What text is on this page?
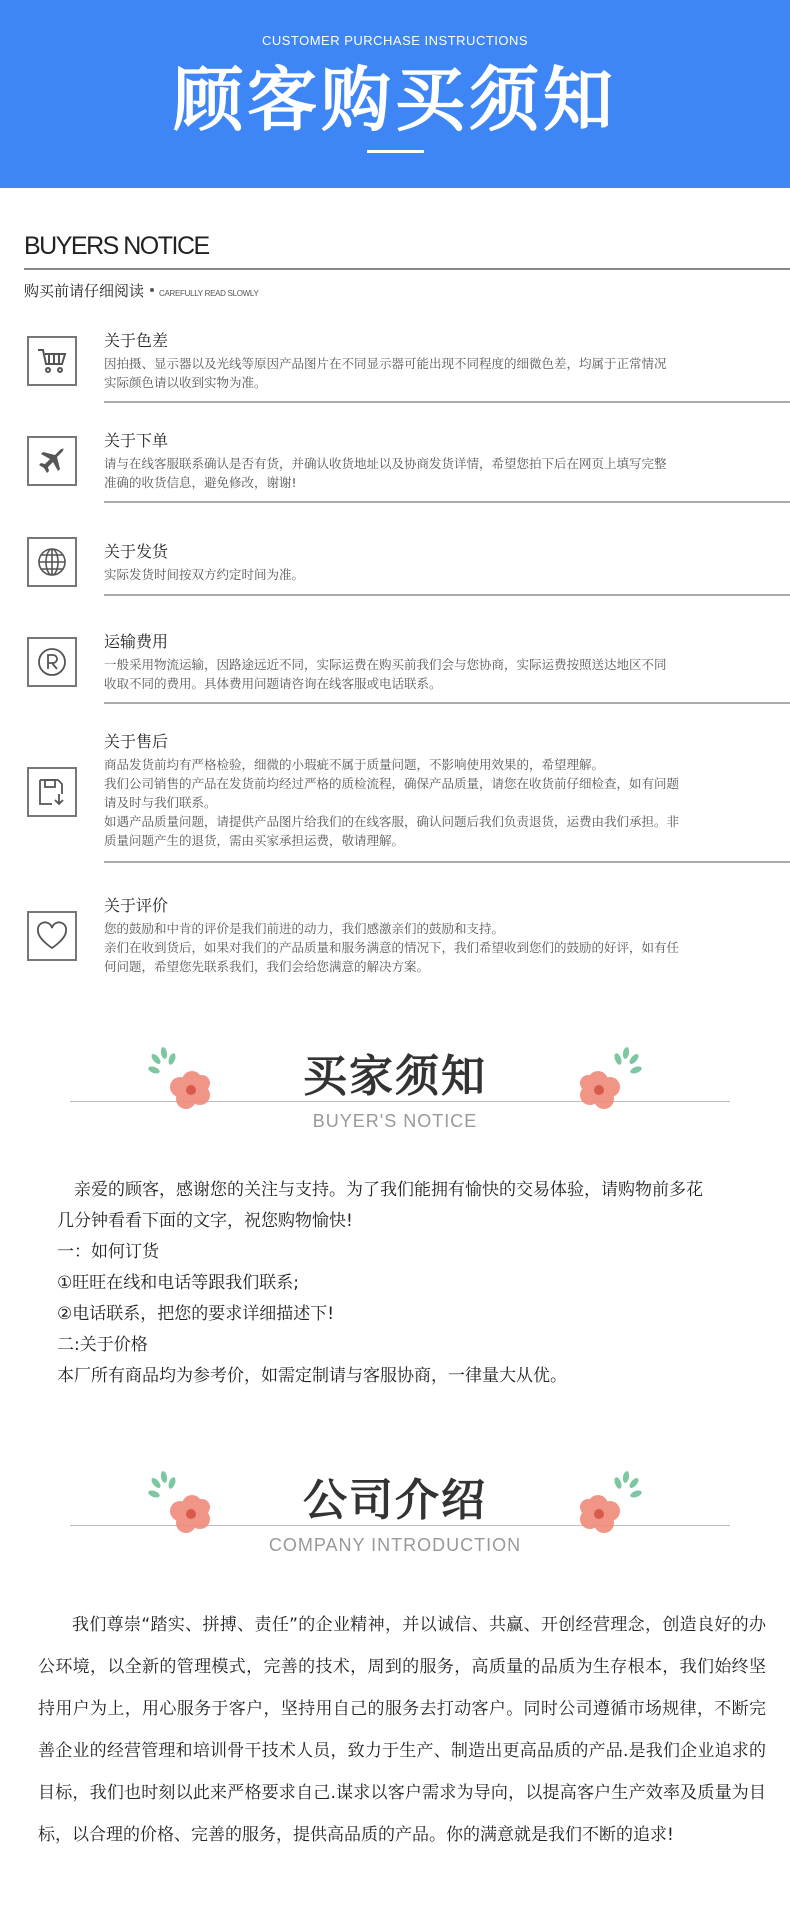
CUSTOMER PURCHASE INSTRUCTIONS
顾客购买须知
BUYERS NOTICE
购买前请仔细阅读 CAREFULLY READ SLOWLY
关于色差
因拍摄、显示器以及光线等原因产品图片在不同显示器可能出现不同程度的细微色差，均属于正常情况
实际颜色请以收到实物为准。
关于下单
请与在线客服联系确认是否有货，并确认收货地址以及协商发货详情，希望您拍下后在网页上填写完整
准确的收货信息，避免修改，谢谢!
关于发货
实际发货时间按双方约定时间为准。
运输费用
一般采用物流运输，因路途远近不同，实际运费在购买前我们会与您协商，实际运费按照送达地区不同
收取不同的费用。具体费用问题请咨询在线客服或电话联系。
关于售后
商品发货前均有严格检验，细微的小瑕疵不属于质量问题，不影响使用效果的，希望理解。
我们公司销售的产品在发货前均经过严格的质检流程，确保产品质量，请您在收货前仔细检查，如有问题
请及时与我们联系。
如遇产品质量问题，请提供产品图片给我们的在线客服，确认问题后我们负责退货，运费由我们承担。非
质量问题产生的退货，需由买家承担运费，敬请理解。
关于评价
您的鼓励和中肯的评价是我们前进的动力，我们感激亲们的鼓励和支持。
亲们在收到货后，如果对我们的产品质量和服务满意的情况下，我们希望收到您们的鼓励的好评，如有任
何问题，希望您先联系我们，我们会给您满意的解决方案。
买家须知
BUYER'S NOTICE

亲爱的顾客，感谢您的关注与支持。为了我们能拥有愉快的交易体验，请购物前多花

几分钟看看下面的文字，祝您购物愉快!

一：如何订货

①旺旺在线和电话等跟我们联系;

②电话联系，把您的要求详细描述下!

二:关于价格

本厂所有商品均为参考价，如需定制请与客服协商，一律量大从优。

公司介绍
COMPANY INTRODUCTION

我们尊崇“踏实、拼搏、责任”的企业精神，并以诚信、共赢、开创经营理念，创造良好的办公环境，以全新的管理模式，完善的技术，周到的服务，高质量的品质为生存根本，我们始终坚持用户为上，用心服务于客户，坚持用自己的服务去打动客户。同时公司遵循市场规律，不断完善企业的经营管理和培训骨干技术人员，致力于生产、制造出更高品质的产品.是我们企业追求的目标，我们也时刻以此来严格要求自己.谋求以客户需求为导向，以提高客户生产效率及质量为目标，以合理的价格、完善的服务，提供高品质的产品。你的满意就是我们不断的追求!
